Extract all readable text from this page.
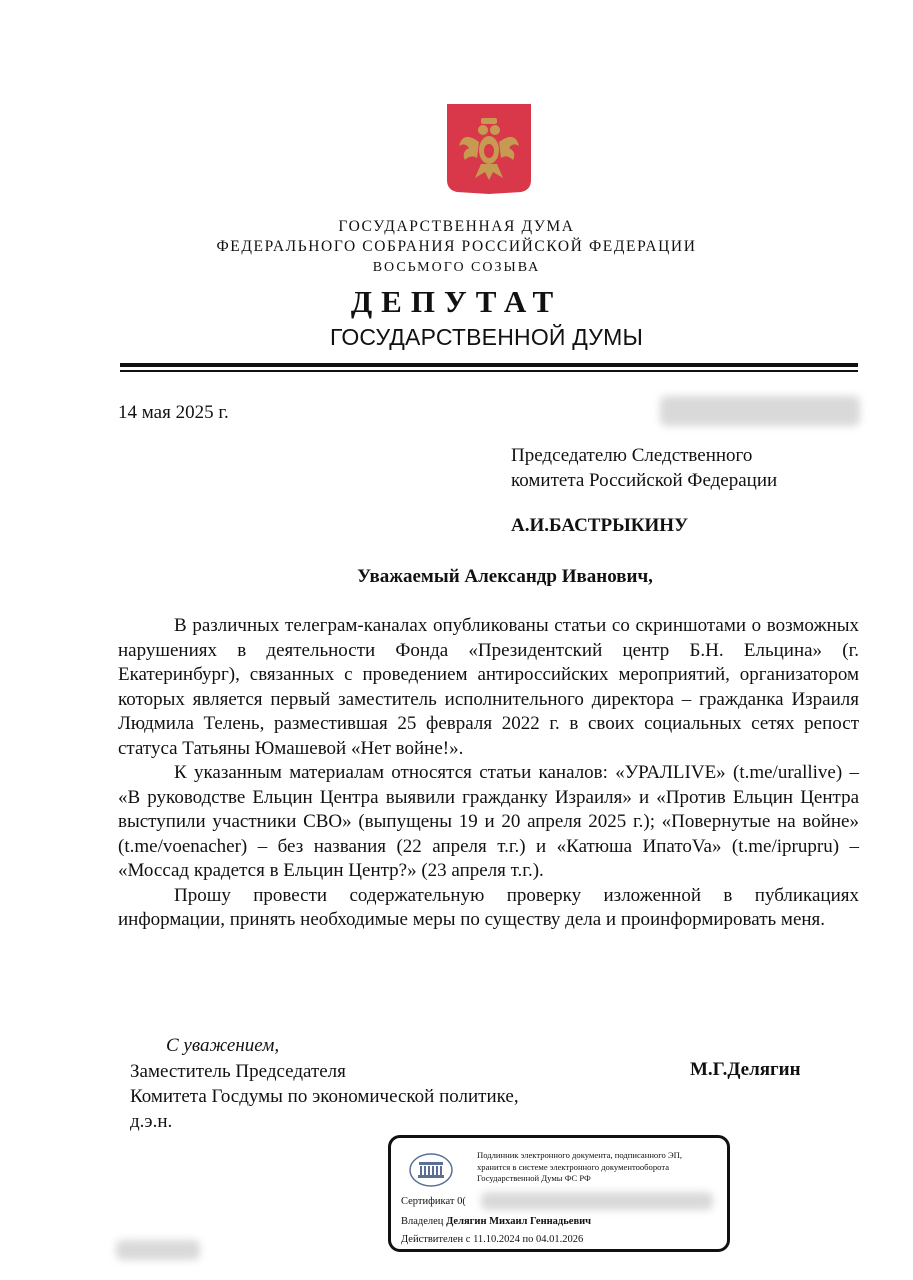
ГОСУДАРСТВЕННАЯ ДУМА
ФЕДЕРАЛЬНОГО СОБРАНИЯ РОССИЙСКОЙ ФЕДЕРАЦИИ
ВОСЬМОГО СОЗЫВА
ДЕПУТАТ
ГОСУДАРСТВЕННОЙ ДУМЫ
14 мая 2025 г.
Председателю Следственного
комитета Российской Федерации
А.И.БАСТРЫКИНУ
Уважаемый Александр Иванович,

В различных телеграм-каналах опубликованы статьи со скриншотами о возможных нарушениях в деятельности Фонда «Президентский центр Б.Н. Ельцина» (г. Екатеринбург), связанных с проведением антироссийских мероприятий, организатором которых является первый заместитель исполнительного директора – гражданка Израиля Людмила Телень, разместившая 25 февраля 2022 г. в своих социальных сетях репост статуса Татьяны Юмашевой «Нет войне!».

К указанным материалам относятся статьи каналов: «УРАЛLIVE» (t.me/urallive) – «В руководстве Ельцин Центра выявили гражданку Израиля» и «Против Ельцин Центра выступили участники СВО» (выпущены 19 и 20 апреля 2025 г.); «Повернутые на войне» (t.me/voenacher) – без названия (22 апреля т.г.) и «Катюша ИпатоVa» (t.me/iprupru) – «Моссад крадется в Ельцин Центр?» (23 апреля т.г.).

Прошу провести содержательную проверку изложенной в публикациях информации, принять необходимые меры по существу дела и проинформировать меня.

С уважением,
Заместитель Председателя
Комитета Госдумы по экономической политике,
д.э.н.
М.Г.Делягин
Подлинник электронного документа, подписанного ЭП, хранится в системе электронного документооборота Государственной Думы ФС РФ
Сертификат 0(
Владелец Делягин Михаил Геннадьевич
Действителен с 11.10.2024 по 04.01.2026
